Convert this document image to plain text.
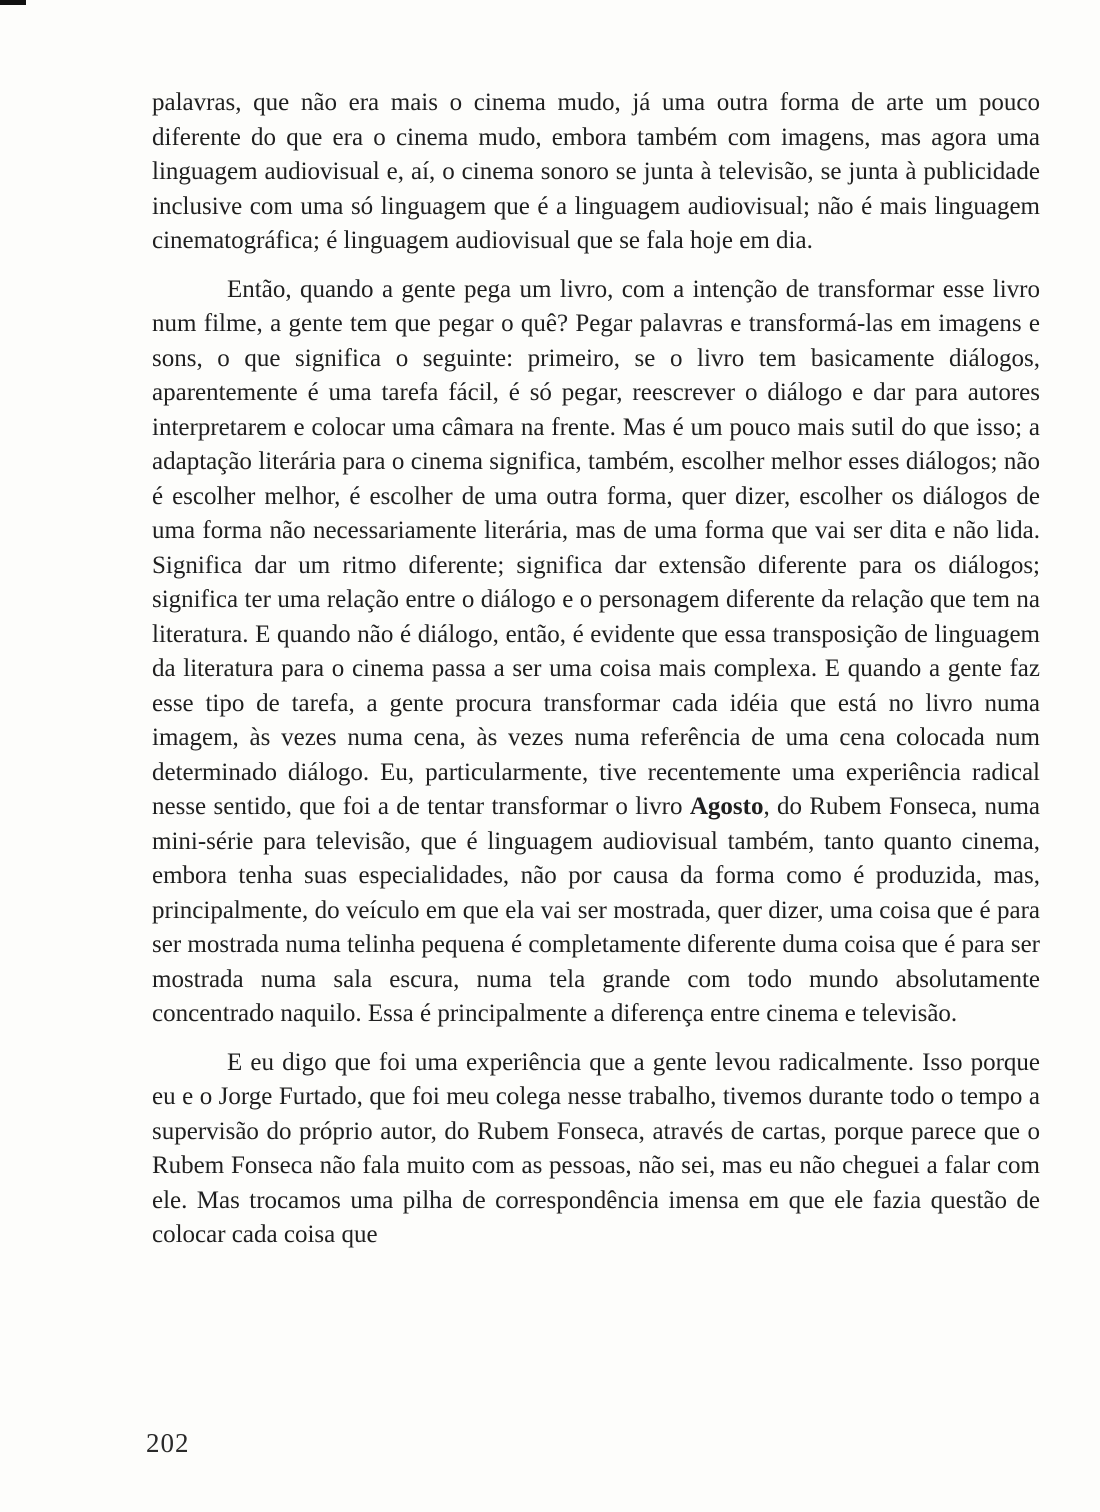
palavras, que não era mais o cinema mudo, já uma outra forma de arte um pouco diferente do que era o cinema mudo, embora também com imagens, mas agora uma linguagem audiovisual e, aí, o cinema sonoro se junta à televisão, se junta à publicidade inclusive com uma só linguagem que é a linguagem audiovisual; não é mais linguagem cinematográfica; é linguagem audiovisual que se fala hoje em dia.

Então, quando a gente pega um livro, com a intenção de transformar esse livro num filme, a gente tem que pegar o quê? Pegar palavras e transformá-las em imagens e sons, o que significa o seguinte: primeiro, se o livro tem basicamente diálogos, aparentemente é uma tarefa fácil, é só pegar, reescrever o diálogo e dar para autores interpretarem e colocar uma câmara na frente. Mas é um pouco mais sutil do que isso; a adaptação literária para o cinema significa, também, escolher melhor esses diálogos; não é escolher melhor, é escolher de uma outra forma, quer dizer, escolher os diálogos de uma forma não necessariamente literária, mas de uma forma que vai ser dita e não lida. Significa dar um ritmo diferente; significa dar extensão diferente para os diálogos; significa ter uma relação entre o diálogo e o personagem diferente da relação que tem na literatura. E quando não é diálogo, então, é evidente que essa transposição de linguagem da literatura para o cinema passa a ser uma coisa mais complexa. E quando a gente faz esse tipo de tarefa, a gente procura transformar cada idéia que está no livro numa imagem, às vezes numa cena, às vezes numa referência de uma cena colocada num determinado diálogo. Eu, particularmente, tive recentemente uma experiência radical nesse sentido, que foi a de tentar transformar o livro Agosto, do Rubem Fonseca, numa mini-série para televisão, que é linguagem audiovisual também, tanto quanto cinema, embora tenha suas especialidades, não por causa da forma como é produzida, mas, principalmente, do veículo em que ela vai ser mostrada, quer dizer, uma coisa que é para ser mostrada numa telinha pequena é completamente diferente duma coisa que é para ser mostrada numa sala escura, numa tela grande com todo mundo absolutamente concentrado naquilo. Essa é principalmente a diferença entre cinema e televisão.

E eu digo que foi uma experiência que a gente levou radicalmente. Isso porque eu e o Jorge Furtado, que foi meu colega nesse trabalho, tivemos durante todo o tempo a supervisão do próprio autor, do Rubem Fonseca, através de cartas, porque parece que o Rubem Fonseca não fala muito com as pessoas, não sei, mas eu não cheguei a falar com ele. Mas trocamos uma pilha de correspondência imensa em que ele fazia questão de colocar cada coisa que

202
